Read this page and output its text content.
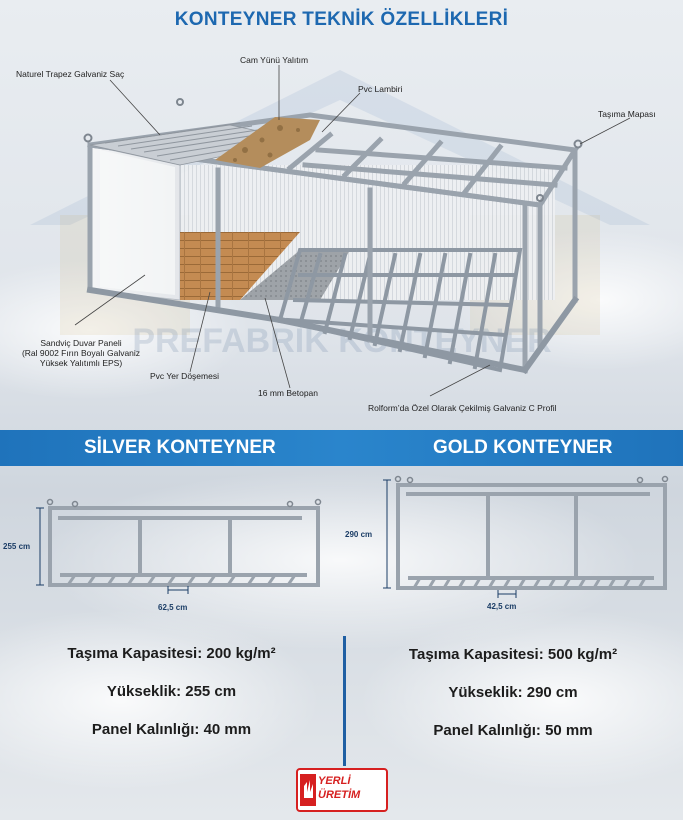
KONTEYNER TEKNİK ÖZELLİKLERİ
PREFABRİK KONTEYNER
Naturel Trapez Galvaniz Saç
Cam Yünü Yalıtım
Pvc Lambiri
Taşıma Mapası
Sandviç Duvar Paneli
(Ral 9002 Fırın Boyalı Galvaniz
Yüksek Yalıtımlı EPS)
Pvc Yer Döşemesi
16 mm Betopan
Rolform’da Özel Olarak Çekilmiş Galvaniz C Profil
SİLVER KONTEYNER	GOLD KONTEYNER
255 cm
62,5 cm
290 cm
42,5 cm
Taşıma Kapasitesi: 200 kg/m²
Yükseklik: 255 cm
Panel Kalınlığı: 40 mm
Taşıma Kapasitesi: 500 kg/m²
Yükseklik: 290 cm
Panel Kalınlığı: 50 mm
YERLİ
ÜRETİM
